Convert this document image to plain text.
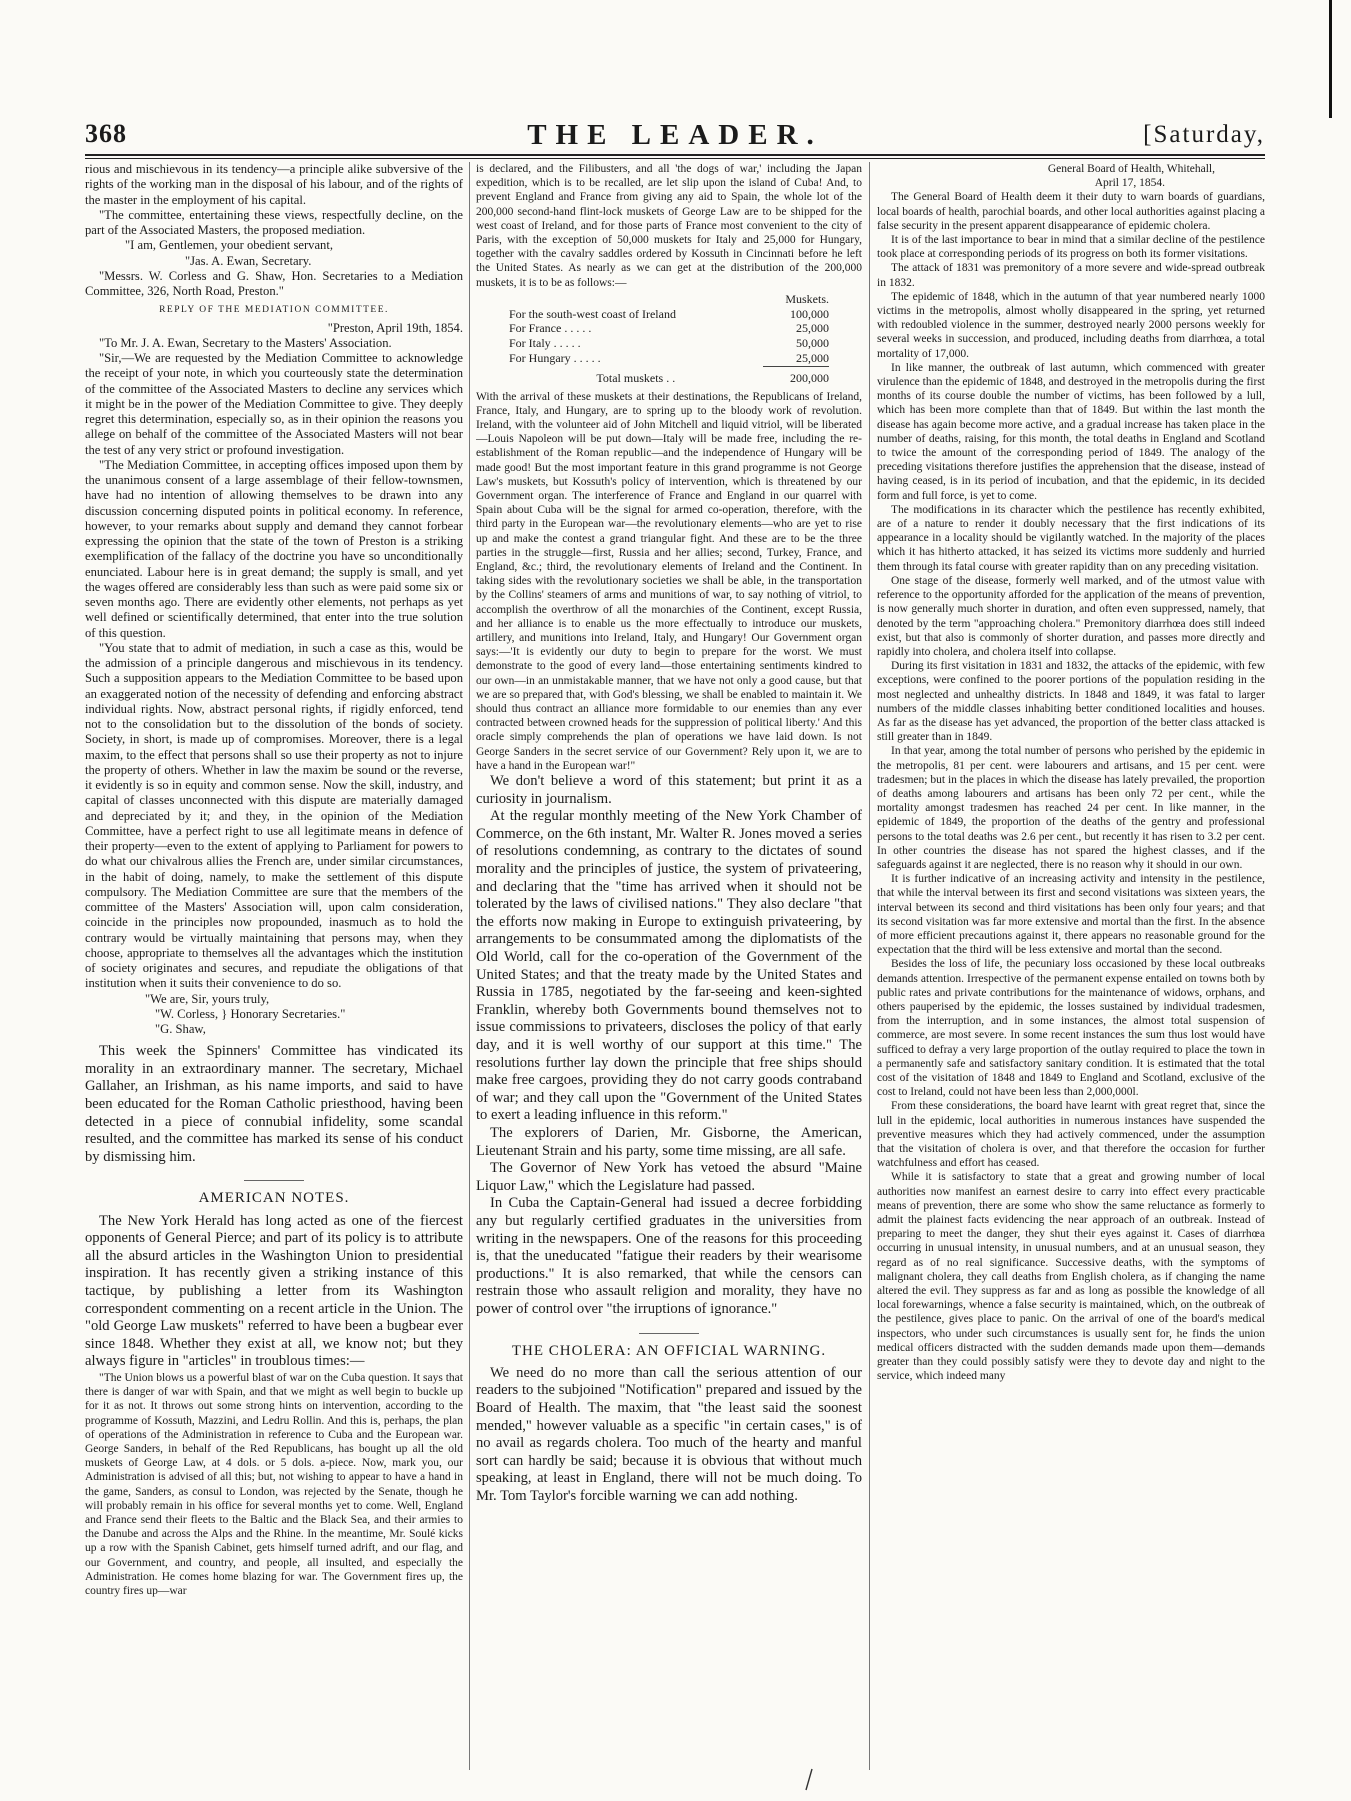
368	THE LEADER.	[Saturday,

rious and mischievous in its tendency—a principle alike subversive of the rights of the working man in the disposal of his labour, and of the rights of the master in the employment of his capital.

"The committee, entertaining these views, respectfully decline, on the part of the Associated Masters, the proposed mediation.

"I am, Gentlemen, your obedient servant,

"Jas. A. Ewan, Secretary.

"Messrs. W. Corless and G. Shaw, Hon. Secretaries to a Mediation Committee, 326, North Road, Preston."

REPLY OF THE MEDIATION COMMITTEE.

"Preston, April 19th, 1854.

"To Mr. J. A. Ewan, Secretary to the Masters' Association.

"Sir,—We are requested by the Mediation Committee to acknowledge the receipt of your note, in which you courteously state the determination of the committee of the Associated Masters to decline any services which it might be in the power of the Mediation Committee to give. They deeply regret this determination, especially so, as in their opinion the reasons you allege on behalf of the committee of the Associated Masters will not bear the test of any very strict or profound investigation.

"The Mediation Committee, in accepting offices imposed upon them by the unanimous consent of a large assemblage of their fellow-townsmen, have had no intention of allowing themselves to be drawn into any discussion concerning disputed points in political economy. In reference, however, to your remarks about supply and demand they cannot forbear expressing the opinion that the state of the town of Preston is a striking exemplification of the fallacy of the doctrine you have so unconditionally enunciated. Labour here is in great demand; the supply is small, and yet the wages offered are considerably less than such as were paid some six or seven months ago. There are evidently other elements, not perhaps as yet well defined or scientifically determined, that enter into the true solution of this question.

"You state that to admit of mediation, in such a case as this, would be the admission of a principle dangerous and mischievous in its tendency. Such a supposition appears to the Mediation Committee to be based upon an exaggerated notion of the necessity of defending and enforcing abstract individual rights. Now, abstract personal rights, if rigidly enforced, tend not to the consolidation but to the dissolution of the bonds of society. Society, in short, is made up of compromises. Moreover, there is a legal maxim, to the effect that persons shall so use their property as not to injure the property of others. Whether in law the maxim be sound or the reverse, it evidently is so in equity and common sense. Now the skill, industry, and capital of classes unconnected with this dispute are materially damaged and depreciated by it; and they, in the opinion of the Mediation Committee, have a perfect right to use all legitimate means in defence of their property—even to the extent of applying to Parliament for powers to do what our chivalrous allies the French are, under similar circumstances, in the habit of doing, namely, to make the settlement of this dispute compulsory. The Mediation Committee are sure that the members of the committee of the Masters' Association will, upon calm consideration, coincide in the principles now propounded, inasmuch as to hold the contrary would be virtually maintaining that persons may, when they choose, appropriate to themselves all the advantages which the institution of society originates and secures, and repudiate the obligations of that institution when it suits their convenience to do so.

"We are, Sir, yours truly,

"W. Corless, } Honorary Secretaries."

"G. Shaw,

This week the Spinners' Committee has vindicated its morality in an extraordinary manner. The secretary, Michael Gallaher, an Irishman, as his name imports, and said to have been educated for the Roman Catholic priesthood, having been detected in a piece of connubial infidelity, some scandal resulted, and the committee has marked its sense of his conduct by dismissing him.

AMERICAN NOTES.

The New York Herald has long acted as one of the fiercest opponents of General Pierce; and part of its policy is to attribute all the absurd articles in the Washington Union to presidential inspiration. It has recently given a striking instance of this tactique, by publishing a letter from its Washington correspondent commenting on a recent article in the Union. The "old George Law muskets" referred to have been a bugbear ever since 1848. Whether they exist at all, we know not; but they always figure in "articles" in troublous times:—

"The Union blows us a powerful blast of war on the Cuba question. It says that there is danger of war with Spain, and that we might as well begin to buckle up for it as not. It throws out some strong hints on intervention, according to the programme of Kossuth, Mazzini, and Ledru Rollin. And this is, perhaps, the plan of operations of the Administration in reference to Cuba and the European war. George Sanders, in behalf of the Red Republicans, has bought up all the old muskets of George Law, at 4 dols. or 5 dols. a-piece. Now, mark you, our Administration is advised of all this; but, not wishing to appear to have a hand in the game, Sanders, as consul to London, was rejected by the Senate, though he will probably remain in his office for several months yet to come. Well, England and France send their fleets to the Baltic and the Black Sea, and their armies to the Danube and across the Alps and the Rhine. In the meantime, Mr. Soulé kicks up a row with the Spanish Cabinet, gets himself turned adrift, and our flag, and our Government, and country, and people, all insulted, and especially the Administration. He comes home blazing for war. The Government fires up, the country fires up—war

is declared, and the Filibusters, and all 'the dogs of war,' including the Japan expedition, which is to be recalled, are let slip upon the island of Cuba! And, to prevent England and France from giving any aid to Spain, the whole lot of the 200,000 second-hand flint-lock muskets of George Law are to be shipped for the west coast of Ireland, and for those parts of France most convenient to the city of Paris, with the exception of 50,000 muskets for Italy and 25,000 for Hungary, together with the cavalry saddles ordered by Kossuth in Cincinnati before he left the United States. As nearly as we can get at the distribution of the 200,000 muskets, it is to be as follows:—

	Muskets.
For the south-west coast of Ireland	100,000
For France . . . . .	25,000
For Italy . . . . .	50,000
For Hungary . . . . .	25,000
Total muskets . .	200,000

With the arrival of these muskets at their destinations, the Republicans of Ireland, France, Italy, and Hungary, are to spring up to the bloody work of revolution. Ireland, with the volunteer aid of John Mitchell and liquid vitriol, will be liberated—Louis Napoleon will be put down—Italy will be made free, including the re-establishment of the Roman republic—and the independence of Hungary will be made good! But the most important feature in this grand programme is not George Law's muskets, but Kossuth's policy of intervention, which is threatened by our Government organ. The interference of France and England in our quarrel with Spain about Cuba will be the signal for armed co-operation, therefore, with the third party in the European war—the revolutionary elements—who are yet to rise up and make the contest a grand triangular fight. And these are to be the three parties in the struggle—first, Russia and her allies; second, Turkey, France, and England, &c.; third, the revolutionary elements of Ireland and the Continent. In taking sides with the revolutionary societies we shall be able, in the transportation by the Collins' steamers of arms and munitions of war, to say nothing of vitriol, to accomplish the overthrow of all the monarchies of the Continent, except Russia, and her alliance is to enable us the more effectually to introduce our muskets, artillery, and munitions into Ireland, Italy, and Hungary! Our Government organ says:—'It is evidently our duty to begin to prepare for the worst. We must demonstrate to the good of every land—those entertaining sentiments kindred to our own—in an unmistakable manner, that we have not only a good cause, but that we are so prepared that, with God's blessing, we shall be enabled to maintain it. We should thus contract an alliance more formidable to our enemies than any ever contracted between crowned heads for the suppression of political liberty.' And this oracle simply comprehends the plan of operations we have laid down. Is not George Sanders in the secret service of our Government? Rely upon it, we are to have a hand in the European war!"

We don't believe a word of this statement; but print it as a curiosity in journalism.

At the regular monthly meeting of the New York Chamber of Commerce, on the 6th instant, Mr. Walter R. Jones moved a series of resolutions condemning, as contrary to the dictates of sound morality and the principles of justice, the system of privateering, and declaring that the "time has arrived when it should not be tolerated by the laws of civilised nations." They also declare "that the efforts now making in Europe to extinguish privateering, by arrangements to be consummated among the diplomatists of the Old World, call for the co-operation of the Government of the United States; and that the treaty made by the United States and Russia in 1785, negotiated by the far-seeing and keen-sighted Franklin, whereby both Governments bound themselves not to issue commissions to privateers, discloses the policy of that early day, and it is well worthy of our support at this time." The resolutions further lay down the principle that free ships should make free cargoes, providing they do not carry goods contraband of war; and they call upon the "Government of the United States to exert a leading influence in this reform."

The explorers of Darien, Mr. Gisborne, the American, Lieutenant Strain and his party, some time missing, are all safe.

The Governor of New York has vetoed the absurd "Maine Liquor Law," which the Legislature had passed.

In Cuba the Captain-General had issued a decree forbidding any but regularly certified graduates in the universities from writing in the newspapers. One of the reasons for this proceeding is, that the uneducated "fatigue their readers by their wearisome productions." It is also remarked, that while the censors can restrain those who assault religion and morality, they have no power of control over "the irruptions of ignorance."

THE CHOLERA: AN OFFICIAL WARNING.

We need do no more than call the serious attention of our readers to the subjoined "Notification" prepared and issued by the Board of Health. The maxim, that "the least said the soonest mended," however valuable as a specific "in certain cases," is of no avail as regards cholera. Too much of the hearty and manful sort can hardly be said; because it is obvious that without much speaking, at least in England, there will not be much doing. To Mr. Tom Taylor's forcible warning we can add nothing.

General Board of Health, Whitehall,

April 17, 1854.

The General Board of Health deem it their duty to warn boards of guardians, local boards of health, parochial boards, and other local authorities against placing a false security in the present apparent disappearance of epidemic cholera.

It is of the last importance to bear in mind that a similar decline of the pestilence took place at corresponding periods of its progress on both its former visitations.

The attack of 1831 was premonitory of a more severe and wide-spread outbreak in 1832.

The epidemic of 1848, which in the autumn of that year numbered nearly 1000 victims in the metropolis, almost wholly disappeared in the spring, yet returned with redoubled violence in the summer, destroyed nearly 2000 persons weekly for several weeks in succession, and produced, including deaths from diarrhœa, a total mortality of 17,000.

In like manner, the outbreak of last autumn, which commenced with greater virulence than the epidemic of 1848, and destroyed in the metropolis during the first months of its course double the number of victims, has been followed by a lull, which has been more complete than that of 1849. But within the last month the disease has again become more active, and a gradual increase has taken place in the number of deaths, raising, for this month, the total deaths in England and Scotland to twice the amount of the corresponding period of 1849. The analogy of the preceding visitations therefore justifies the apprehension that the disease, instead of having ceased, is in its period of incubation, and that the epidemic, in its decided form and full force, is yet to come.

The modifications in its character which the pestilence has recently exhibited, are of a nature to render it doubly necessary that the first indications of its appearance in a locality should be vigilantly watched. In the majority of the places which it has hitherto attacked, it has seized its victims more suddenly and hurried them through its fatal course with greater rapidity than on any preceding visitation.

One stage of the disease, formerly well marked, and of the utmost value with reference to the opportunity afforded for the application of the means of prevention, is now generally much shorter in duration, and often even suppressed, namely, that denoted by the term "approaching cholera." Premonitory diarrhœa does still indeed exist, but that also is commonly of shorter duration, and passes more directly and rapidly into cholera, and cholera itself into collapse.

During its first visitation in 1831 and 1832, the attacks of the epidemic, with few exceptions, were confined to the poorer portions of the population residing in the most neglected and unhealthy districts. In 1848 and 1849, it was fatal to larger numbers of the middle classes inhabiting better conditioned localities and houses. As far as the disease has yet advanced, the proportion of the better class attacked is still greater than in 1849.

In that year, among the total number of persons who perished by the epidemic in the metropolis, 81 per cent. were labourers and artisans, and 15 per cent. were tradesmen; but in the places in which the disease has lately prevailed, the proportion of deaths among labourers and artisans has been only 72 per cent., while the mortality amongst tradesmen has reached 24 per cent. In like manner, in the epidemic of 1849, the proportion of the deaths of the gentry and professional persons to the total deaths was 2.6 per cent., but recently it has risen to 3.2 per cent. In other countries the disease has not spared the highest classes, and if the safeguards against it are neglected, there is no reason why it should in our own.

It is further indicative of an increasing activity and intensity in the pestilence, that while the interval between its first and second visitations was sixteen years, the interval between its second and third visitations has been only four years; and that its second visitation was far more extensive and mortal than the first. In the absence of more efficient precautions against it, there appears no reasonable ground for the expectation that the third will be less extensive and mortal than the second.

Besides the loss of life, the pecuniary loss occasioned by these local outbreaks demands attention. Irrespective of the permanent expense entailed on towns both by public rates and private contributions for the maintenance of widows, orphans, and others pauperised by the epidemic, the losses sustained by individual tradesmen, from the interruption, and in some instances, the almost total suspension of commerce, are most severe. In some recent instances the sum thus lost would have sufficed to defray a very large proportion of the outlay required to place the town in a permanently safe and satisfactory sanitary condition. It is estimated that the total cost of the visitation of 1848 and 1849 to England and Scotland, exclusive of the cost to Ireland, could not have been less than 2,000,000l.

From these considerations, the board have learnt with great regret that, since the lull in the epidemic, local authorities in numerous instances have suspended the preventive measures which they had actively commenced, under the assumption that the visitation of cholera is over, and that therefore the occasion for further watchfulness and effort has ceased.

While it is satisfactory to state that a great and growing number of local authorities now manifest an earnest desire to carry into effect every practicable means of prevention, there are some who show the same reluctance as formerly to admit the plainest facts evidencing the near approach of an outbreak. Instead of preparing to meet the danger, they shut their eyes against it. Cases of diarrhœa occurring in unusual intensity, in unusual numbers, and at an unusual season, they regard as of no real significance. Successive deaths, with the symptoms of malignant cholera, they call deaths from English cholera, as if changing the name altered the evil. They suppress as far and as long as possible the knowledge of all local forewarnings, whence a false security is maintained, which, on the outbreak of the pestilence, gives place to panic. On the arrival of one of the board's medical inspectors, who under such circumstances is usually sent for, he finds the union medical officers distracted with the sudden demands made upon them—demands greater than they could possibly satisfy were they to devote day and night to the service, which indeed many
